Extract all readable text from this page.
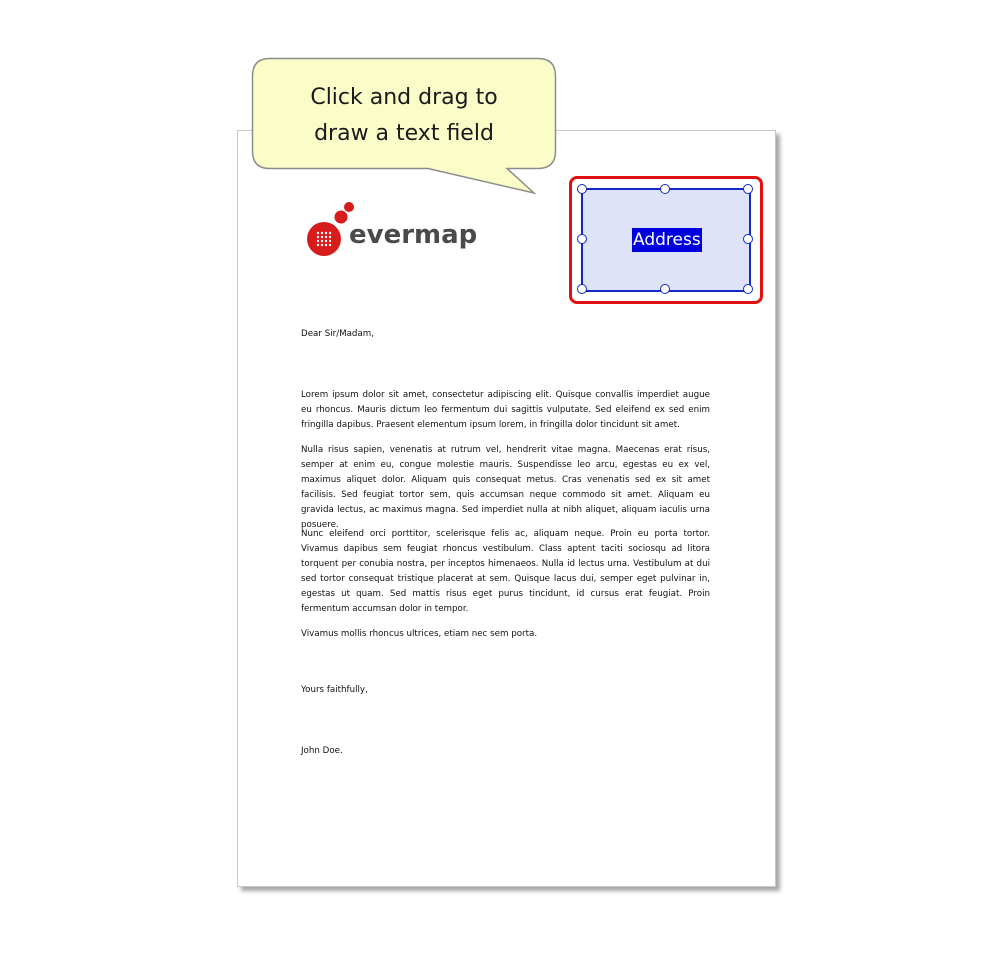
Click and drag to
draw a text field
evermap	Address
Dear Sir/Madam,

Lorem ipsum dolor sit amet, consectetur adipiscing elit. Quisque convallis imperdiet augue eu rhoncus. Mauris dictum leo fermentum dui sagittis vulputate. Sed eleifend ex sed enim fringilla dapibus. Praesent elementum ipsum lorem, in fringilla dolor tincidunt sit amet.

Nulla risus sapien, venenatis at rutrum vel, hendrerit vitae magna. Maecenas erat risus, semper at enim eu, congue molestie mauris. Suspendisse leo arcu, egestas eu ex vel, maximus aliquet dolor. Aliquam quis consequat metus. Cras venenatis sed ex sit amet facilisis. Sed feugiat tortor sem, quis accumsan neque commodo sit amet. Aliquam eu gravida lectus, ac maximus magna. Sed imperdiet nulla at nibh aliquet, aliquam iaculis urna posuere.

Nunc eleifend orci porttitor, scelerisque felis ac, aliquam neque. Proin eu porta tortor. Vivamus dapibus sem feugiat rhoncus vestibulum. Class aptent taciti sociosqu ad litora torquent per conubia nostra, per inceptos himenaeos. Nulla id lectus urna. Vestibulum at dui sed tortor consequat tristique placerat at sem. Quisque lacus dui, semper eget pulvinar in, egestas ut quam. Sed mattis risus eget purus tincidunt, id cursus erat feugiat. Proin fermentum accumsan dolor in tempor.

Vivamus mollis rhoncus ultrices, etiam nec sem porta.

Yours faithfully,
John Doe.
